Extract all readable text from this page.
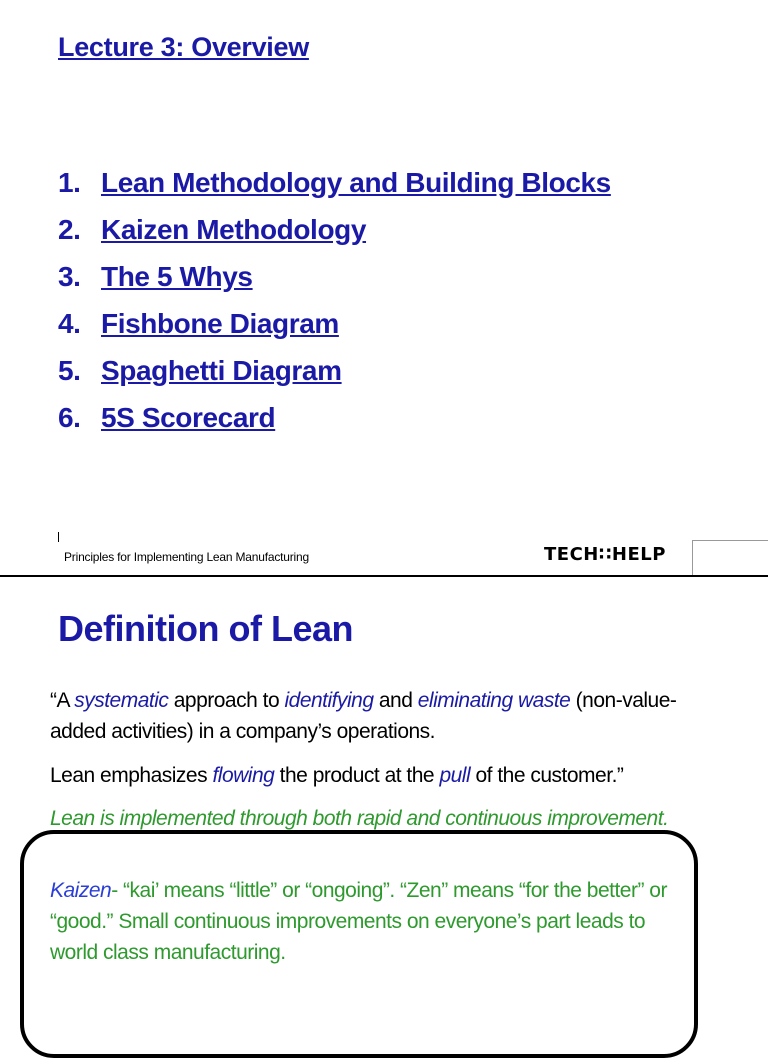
Lecture 3: Overview
1. Lean Methodology and Building Blocks
2. Kaizen Methodology
3. The 5 Whys
4. Fishbone Diagram
5. Spaghetti Diagram
6. 5S Scorecard
Principles for Implementing Lean Manufacturing	TECH∷HELP
Definition of Lean

“A systematic approach to identifying and eliminating waste (non-value-added activities) in a company’s operations.

Lean emphasizes flowing the product at the pull of the customer.”

Lean is implemented through both rapid and continuous improvement.

Kaizen- “kai’ means “little” or “ongoing”. “Zen” means “for the better” or “good.” Small continuous improvements on everyone’s part leads to world class manufacturing.
